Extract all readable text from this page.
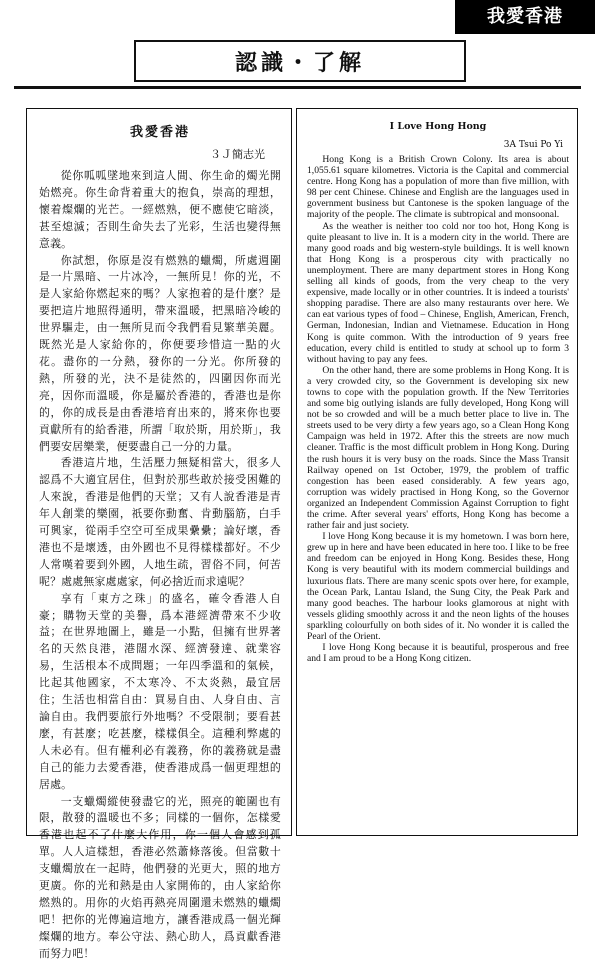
我愛香港
認識・了解
我愛香港
３Ｊ簡志光

從你呱呱墜地來到這人間、你生命的燭光開始燃亮。你生命背着重大的抱負，崇高的理想，懷着燦爛的光芒。一經燃熟，便不應使它暗淡，甚至熄滅；否則生命失去了光彩，生活也變得無意義。

你試想，你原是沒有燃熟的蠟燭，所處週圍是一片黑暗、一片冰冷，一無所見！你的光，不是人家給你燃起來的嗎？人家抱着的是什麼？是要把這片地照得通明，帶來溫暖，把黑暗冷峻的世界驅走，由一無所見而令我們看見繁華美麗。既然光是人家給你的，你便要珍惜這一點的火花。盡你的一分熱，發你的一分光。你所發的熱，所發的光，決不是徒然的，四圍因你而光亮，因你而溫暖，你是屬於香港的，香港也是你的，你的成長是由香港培育出來的，將來你也要貢獻所有的給香港，所謂「取於斯，用於斯」，我們要安居樂業，便要盡自己一分的力量。

香港這片地，生活壓力無疑相當大，很多人認爲不大適宜居住，但對於那些敢於接受困難的人來說，香港是他們的天堂；又有人說香港是青年人創業的樂園，祇要你動奮、肯動腦筋，白手可興家，從兩手空空可至成果纍纍；論好壞，香港也不是壞透，由外國也不見得樣樣都好。不少人常嘆着要到外國，人地生疏，習俗不同，何苦呢？處處無家處處家，何必捨近而求遠呢？

享有「東方之珠」的盛名，確令香港人自豪；購物天堂的美譽，爲本港經濟帶來不少收益；在世界地圖上，雖是一小點，但擁有世界著名的天然良港，港闊水深、經濟發達、就業容易，生活根本不成問題；一年四季溫和的氣候，比起其他國家，不太寒冷、不太炎熱，最宜居住；生活也相當自由：買易自由、人身自由、言論自由。我們要旅行外地嗎？不受限制；要看甚麼，有甚麼；吃甚麼，樣樣俱全。這種利弊處的人未必有。但有權利必有義務，你的義務就是盡自己的能力去愛香港，使香港成爲一個更理想的居處。

一支蠟燭縱使發盡它的光，照亮的範圍也有限，散發的溫暖也不多；同樣的一個你，怎樣愛香港也起不了什麼大作用，你一個人會感到孤單。人人這樣想，香港必然蕭條落後。但當數十支蠟燭放在一起時，他們發的光更大，照的地方更廣。你的光和熱是由人家開佈的，由人家給你燃熟的。用你的火焰再熱亮周圍還未燃熟的蠟燭吧！把你的光傳遍這地方，讓香港成爲一個光輝燦爛的地方。奉公守法、熱心助人，爲貢獻香港而努力吧！

I Love Hong Hong
3A Tsui Po Yi

Hong Kong is a British Crown Colony. Its area is about 1,055.61 square kilometres. Victoria is the Capital and commercial centre. Hong Kong has a population of more than five million, with 98 per cent Chinese. Chinese and English are the languages used in government business but Cantonese is the spoken language of the majority of the people. The climate is subtropical and monsoonal.

As the weather is neither too cold nor too hot, Hong Kong is quite pleasant to live in. It is a modern city in the world. There are many good roads and big western-style buildings. It is well known that Hong Kong is a prosperous city with practically no unemployment. There are many department stores in Hong Kong selling all kinds of goods, from the very cheap to the very expensive, made locally or in other countries. It is indeed a tourists' shopping paradise. There are also many restaurants over here. We can eat various types of food – Chinese, English, American, French, German, Indonesian, Indian and Vietnamese. Education in Hong Kong is quite common. With the introduction of 9 years free education, every child is entitled to study at school up to form 3 without having to pay any fees.

On the other hand, there are some problems in Hong Kong. It is a very crowded city, so the Government is developing six new towns to cope with the population growth. If the New Territories and some big outlying islands are fully developed, Hong Kong will not be so crowded and will be a much better place to live in. The streets used to be very dirty a few years ago, so a Clean Hong Kong Campaign was held in 1972. After this the streets are now much cleaner. Traffic is the most difficult problem in Hong Kong. During the rush hours it is very busy on the roads. Since the Mass Transit Railway opened on 1st October, 1979, the problem of traffic congestion has been eased considerably. A few years ago, corruption was widely practised in Hong Kong, so the Governor organized an Independent Commission Against Corruption to fight the crime. After several years' efforts, Hong Kong has become a rather fair and just society.

I love Hong Kong because it is my hometown. I was born here, grew up in here and have been educated in here too. I like to be free and freedom can be enjoyed in Hong Kong. Besides these, Hong Kong is very beautiful with its modern commercial buildings and luxurious flats. There are many scenic spots over here, for example, the Ocean Park, Lantau Island, the Sung City, the Peak Park and many good beaches. The harbour looks glamorous at night with vessels gliding smoothly across it and the neon lights of the houses sparkling colourfully on both sides of it. No wonder it is called the Pearl of the Orient.

I love Hong Kong because it is beautiful, prosperous and free and I am proud to be a Hong Kong citizen.
